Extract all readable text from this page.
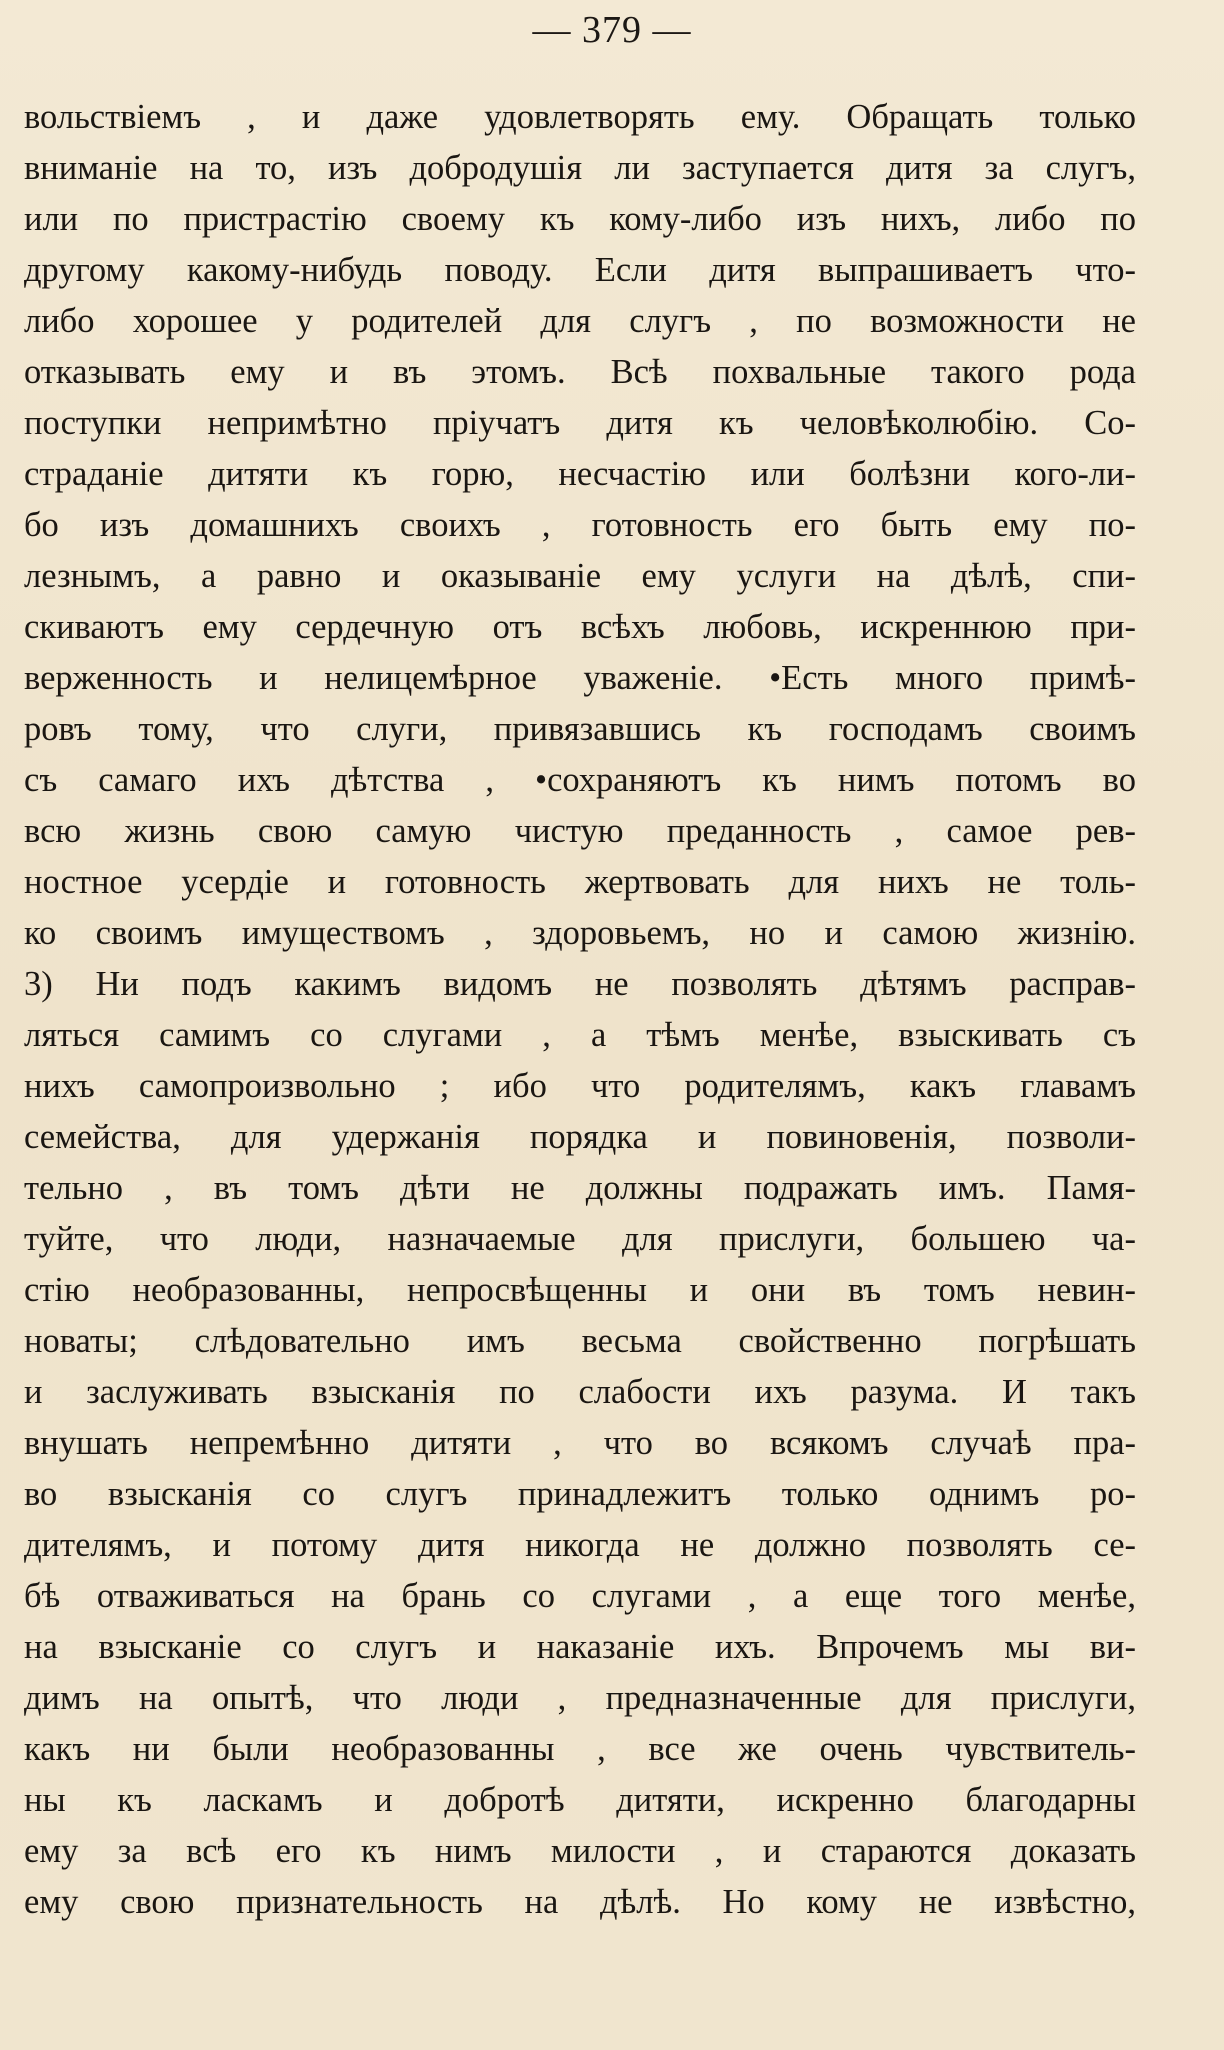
— 379 —
вольствіемъ , и даже удовлетворять ему. Обращать только
вниманіе на то, изъ добродушія ли заступается дитя за слугъ,
или по пристрастію своему къ кому-либо изъ нихъ, либо по
другому какому-нибудь поводу. Если дитя выпрашиваетъ что-
либо хорошее у родителей для слугъ , по возможности не
отказывать ему и въ этомъ. Всѣ похвальные такого рода
поступки непримѣтно пріучатъ дитя къ человѣколюбію. Со-
страданіе дитяти къ горю, несчастію или болѣзни кого-ли-
бо изъ домашнихъ своихъ , готовность его быть ему по-
лезнымъ, а равно и оказываніе ему услуги на дѣлѣ, спи-
скиваютъ ему сердечную отъ всѣхъ любовь, искреннюю при-
верженность и нелицемѣрное уваженіе. •Есть много примѣ-
ровъ тому, что слуги, привязавшись къ господамъ своимъ
съ самаго ихъ дѣтства , •сохраняютъ къ нимъ потомъ во
всю жизнь свою самую чистую преданность , самое рев-
ностное усердіе и готовность жертвовать для нихъ не толь-
ко своимъ имуществомъ , здоровьемъ, но и самою жизнію.
3) Ни подъ какимъ видомъ не позволять дѣтямъ расправ-
ляться самимъ со слугами , а тѣмъ менѣе, взыскивать съ
нихъ самопроизвольно ; ибо что родителямъ, какъ главамъ
семейства, для удержанія порядка и повиновенія, позволи-
тельно , въ томъ дѣти не должны подражать имъ. Памя-
туйте, что люди, назначаемые для прислуги, большею ча-
стію необразованны, непросвѣщенны и они въ томъ невин-
новаты; слѣдовательно имъ весьма свойственно погрѣшать
и заслуживать взысканія по слабости ихъ разума. И такъ
внушать непремѣнно дитяти , что во всякомъ случаѣ пра-
во взысканія со слугъ принадлежитъ только однимъ ро-
дителямъ, и потому дитя никогда не должно позволять се-
бѣ отваживаться на брань со слугами , а еще того менѣе,
на взысканіе со слугъ и наказаніе ихъ. Впрочемъ мы ви-
димъ на опытѣ, что люди , предназначенные для прислуги,
какъ ни были необразованны , все же очень чувствитель-
ны къ ласкамъ и добротѣ дитяти, искренно благодарны
ему за всѣ его къ нимъ милости , и стараются доказать
ему свою признательность на дѣлѣ. Но кому не извѣстно,
